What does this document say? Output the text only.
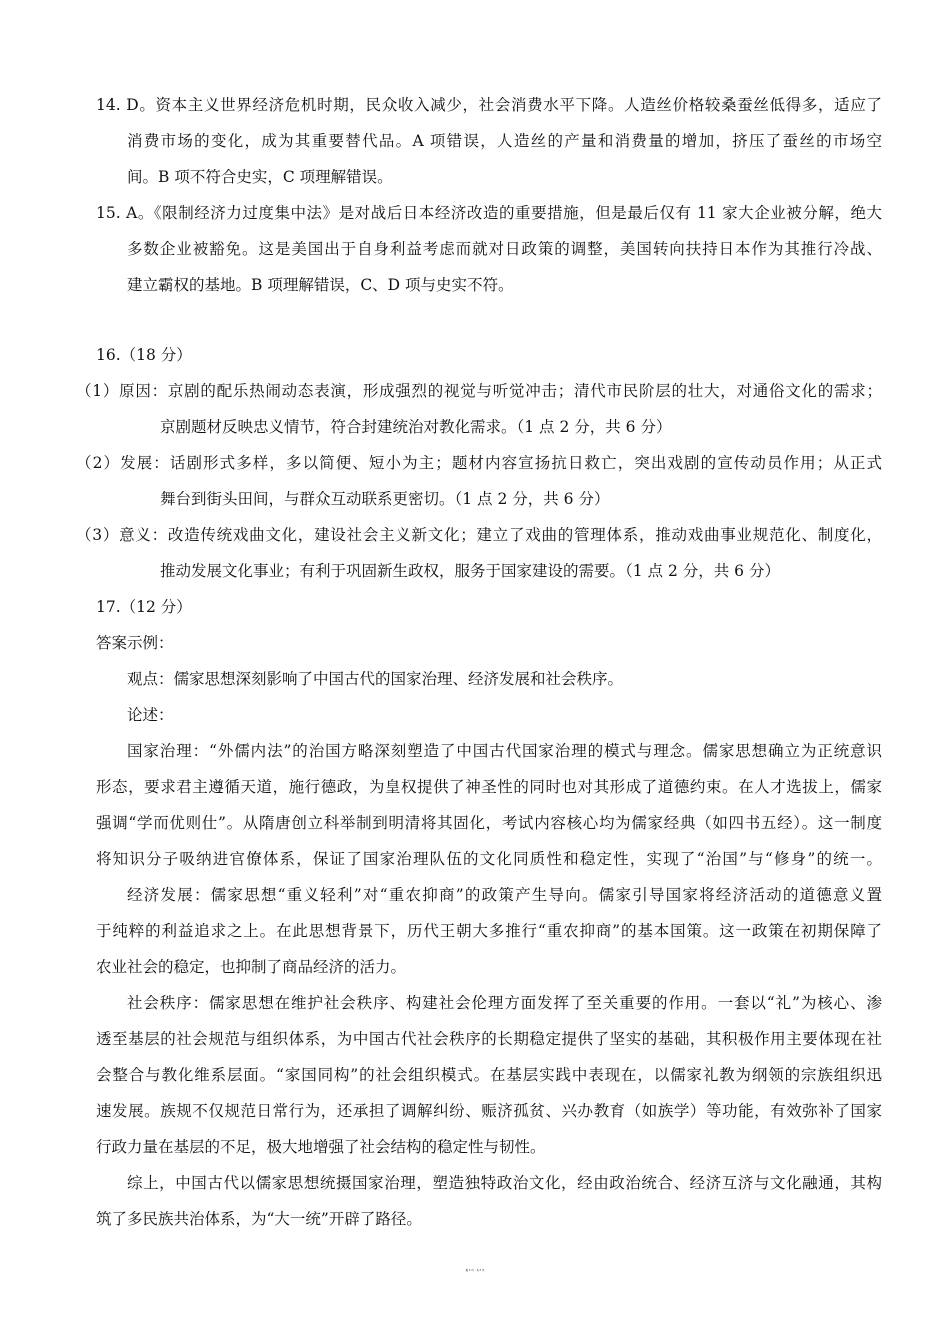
14. D。资本主义世界经济危机时期，民众收入减少，社会消费水平下降。人造丝价格较桑蚕丝低得多，适应了
消费市场的变化，成为其重要替代品。A 项错误，人造丝的产量和消费量的增加，挤压了蚕丝的市场空
间。B 项不符合史实，C 项理解错误。
15. A。《限制经济力过度集中法》是对战后日本经济改造的重要措施，但是最后仅有 11 家大企业被分解，绝大
多数企业被豁免。这是美国出于自身利益考虑而就对日政策的调整，美国转向扶持日本作为其推行冷战、
建立霸权的基地。B 项理解错误，C、D 项与史实不符。
16.（18 分）
（1）原因：京剧的配乐热闹动态表演，形成强烈的视觉与听觉冲击；清代市民阶层的壮大，对通俗文化的需求；
京剧题材反映忠义情节，符合封建统治对教化需求。（1 点 2 分，共 6 分）
（2）发展：话剧形式多样，多以简便、短小为主；题材内容宣扬抗日救亡，突出戏剧的宣传动员作用；从正式
舞台到街头田间，与群众互动联系更密切。（1 点 2 分，共 6 分）
（3）意义：改造传统戏曲文化，建设社会主义新文化；建立了戏曲的管理体系，推动戏曲事业规范化、制度化，
推动发展文化事业；有利于巩固新生政权，服务于国家建设的需要。（1 点 2 分，共 6 分）
17.（12 分）
答案示例：
观点：儒家思想深刻影响了中国古代的国家治理、经济发展和社会秩序。
论述：
国家治理：“外儒内法”的治国方略深刻塑造了中国古代国家治理的模式与理念。儒家思想确立为正统意识
形态，要求君主遵循天道，施行德政，为皇权提供了神圣性的同时也对其形成了道德约束。在人才选拔上，儒家
强调“学而优则仕”。从隋唐创立科举制到明清将其固化，考试内容核心均为儒家经典（如四书五经）。这一制度
将知识分子吸纳进官僚体系，保证了国家治理队伍的文化同质性和稳定性，实现了“治国”与“修身”的统一。
经济发展：儒家思想“重义轻利”对“重农抑商”的政策产生导向。儒家引导国家将经济活动的道德意义置
于纯粹的利益追求之上。在此思想背景下，历代王朝大多推行“重农抑商”的基本国策。这一政策在初期保障了
农业社会的稳定，也抑制了商品经济的活力。
社会秩序：儒家思想在维护社会秩序、构建社会伦理方面发挥了至关重要的作用。一套以“礼”为核心、渗
透至基层的社会规范与组织体系，为中国古代社会秩序的长期稳定提供了坚实的基础，其积极作用主要体现在社
会整合与教化维系层面。“家国同构”的社会组织模式。在基层实践中表现在，以儒家礼教为纲领的宗族组织迅
速发展。族规不仅规范日常行为，还承担了调解纠纷、赈济孤贫、兴办教育（如族学）等功能，有效弥补了国家
行政力量在基层的不足，极大地增强了社会结构的稳定性与韧性。
综上，中国古代以儒家思想统摄国家治理，塑造独特政治文化，经由政治统合、经济互济与文化融通，其构
筑了多民族共治体系，为“大一统”开辟了路径。
第 2 页　共 3 页
